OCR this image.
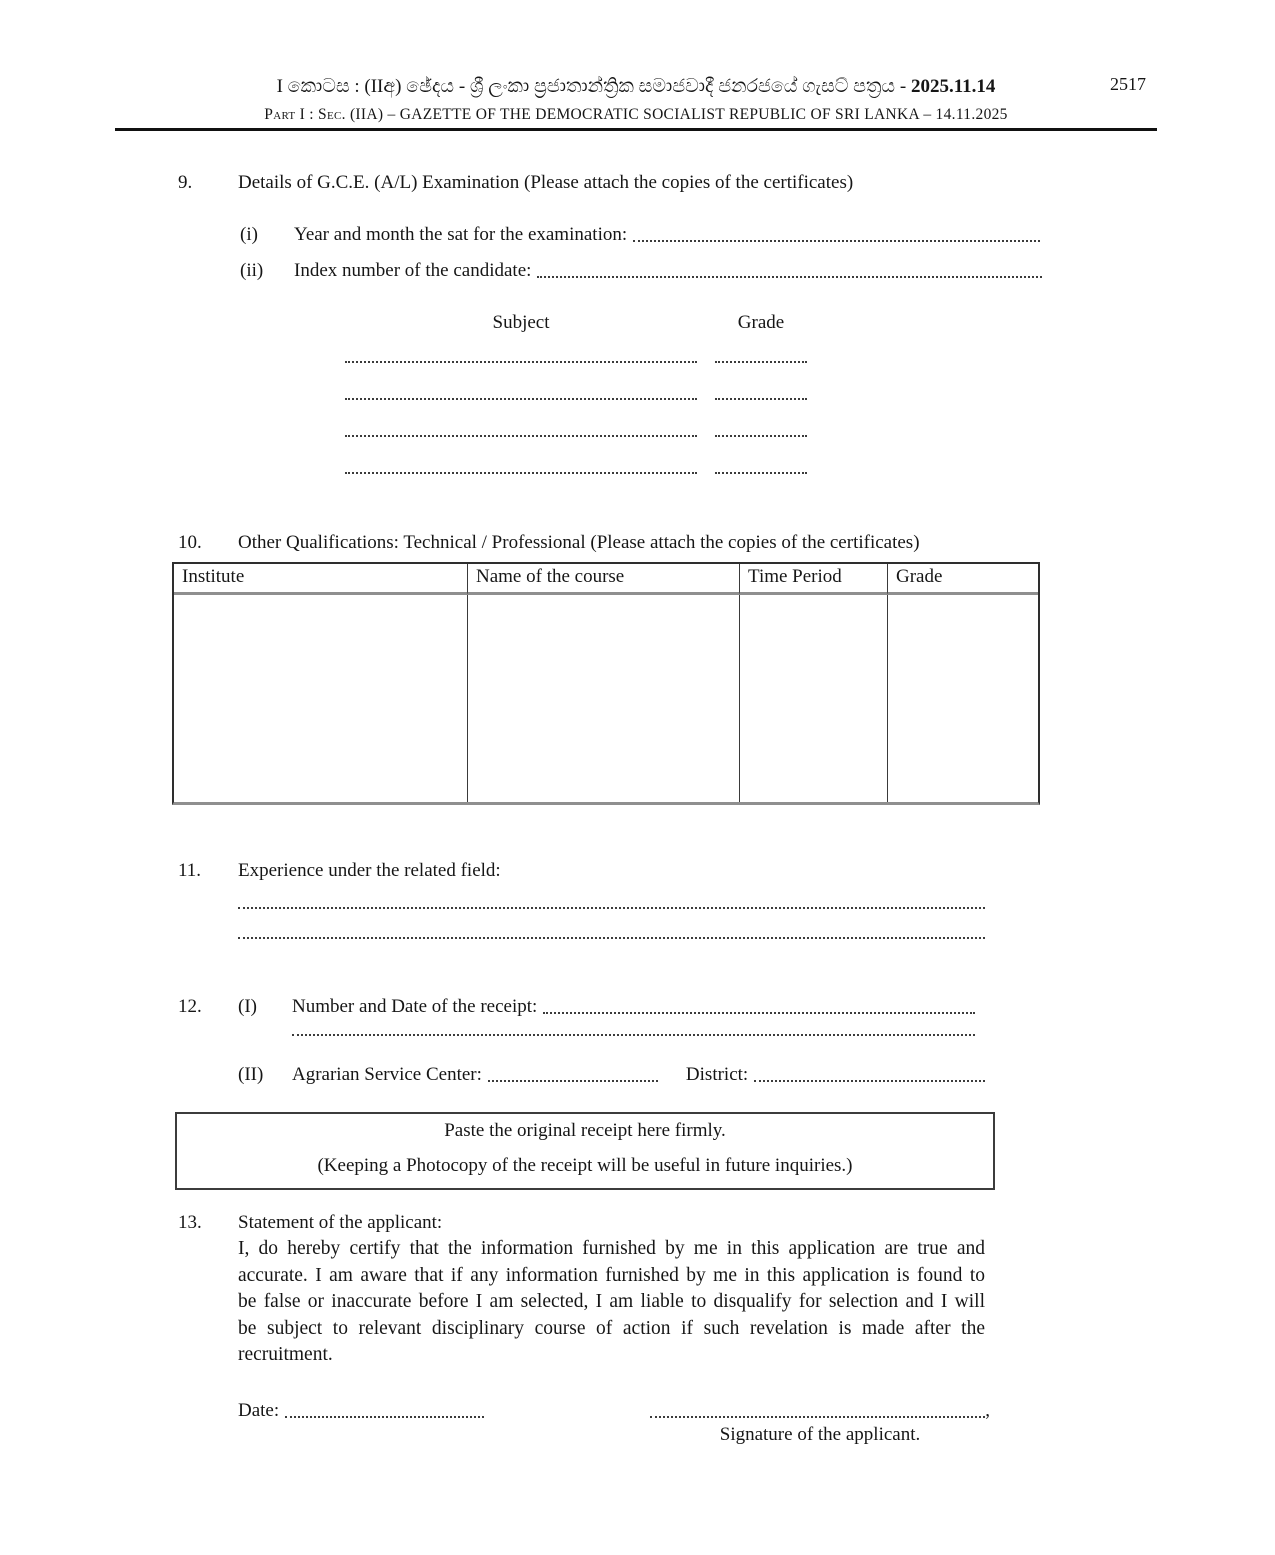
I කොටස : (IIඅ) ඡේදය - ශ්‍රී ලංකා ප්‍රජාතාන්ත්‍රික සමාජවාදී ජනරජයේ ගැසට් පත්‍රය - 2025.11.14
Part I : Sec. (IIA) – GAZETTE OF THE DEMOCRATIC SOCIALIST REPUBLIC OF SRI LANKA – 14.11.2025
2517
9.	Details of G.C.E. (A/L) Examination (Please attach the copies of the certificates)
(i)	Year and month the sat for the examination:
(ii)	Index number of the candidate:
Subject	Grade
10.	Other Qualifications: Technical / Professional (Please attach the copies of the certificates)
Institute	Name of the course	Time Period	Grade
11.	Experience under the related field:
12.	(I)	Number and Date of the receipt:
(II)	Agrarian Service Center:	District:
Paste the original receipt here firmly.
(Keeping a Photocopy of the receipt will be useful in future inquiries.)
13.	Statement of the applicant:
I, do hereby certify that the information furnished by me in this application are true and accurate. I am aware that if any information furnished by me in this application is found to be false or inaccurate before I am selected, I am liable to disqualify for selection and I will be subject to relevant disciplinary course of action if such revelation is made after the recruitment.
Date:	,
Signature of the applicant.
